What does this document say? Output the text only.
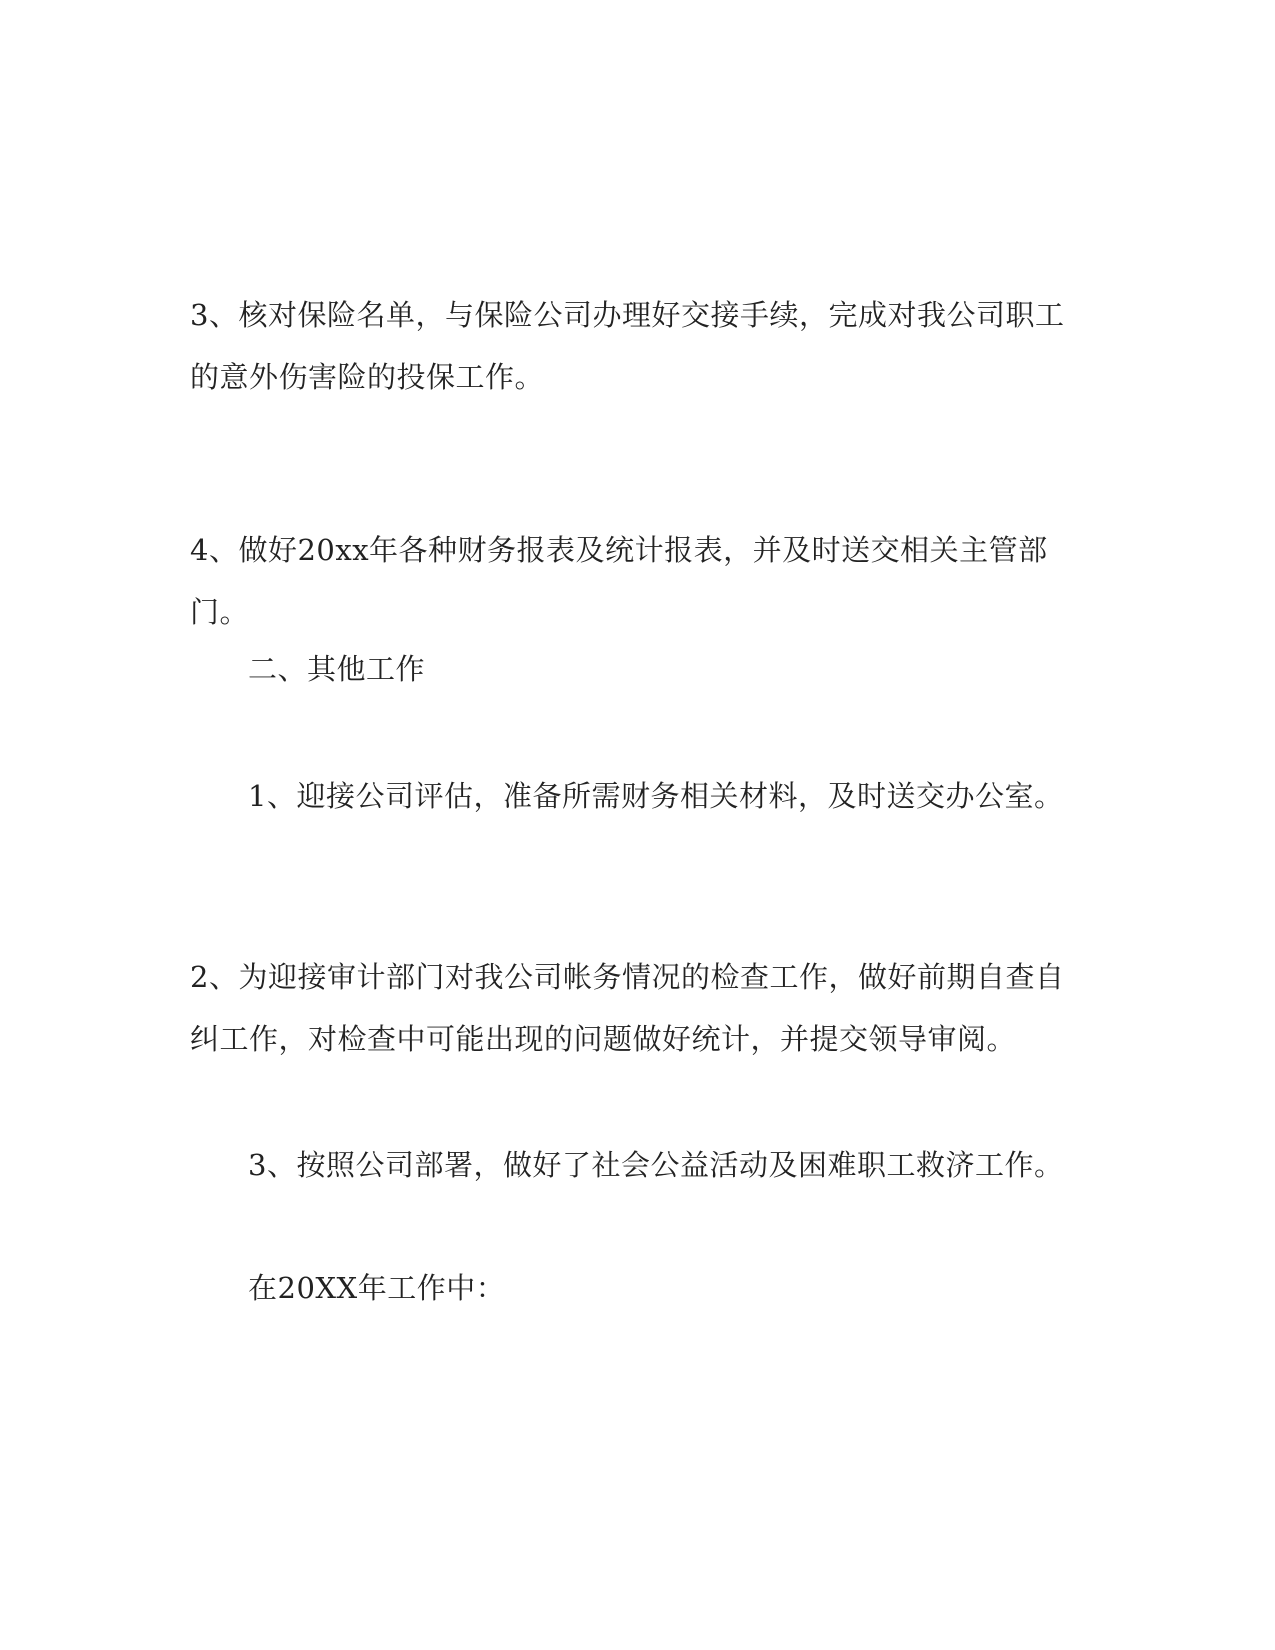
3、核对保险名单，与保险公司办理好交接手续，完成对我公司职工的意外伤害险的投保工作。

4、做好20xx年各种财务报表及统计报表，并及时送交相关主管部门。

二、其他工作

1、迎接公司评估，准备所需财务相关材料，及时送交办公室。

2、为迎接审计部门对我公司帐务情况的检查工作，做好前期自查自纠工作，对检查中可能出现的问题做好统计，并提交领导审阅。

3、按照公司部署，做好了社会公益活动及困难职工救济工作。

在20XX年工作中：
